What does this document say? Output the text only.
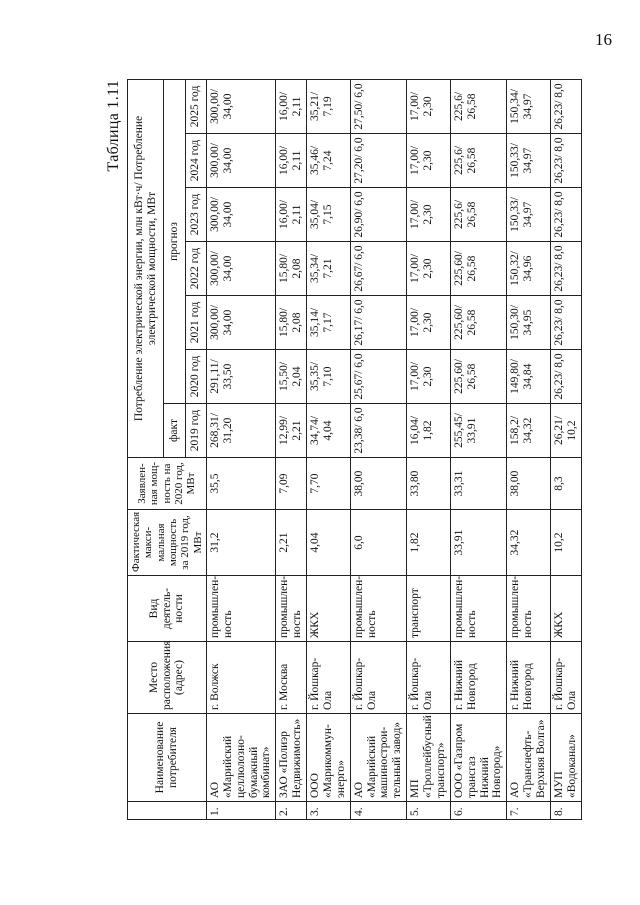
16
Таблица 1.11
	Наименование потребителя	Место расположения (адрес)	Вид деятель-ности	Фактическая макси-мальная мощность за 2019 год, МВт	Заявлен-ная мощ-ность на 2020 год, МВт	Потребление электрической энергии, млн кВт·ч/ Потребление электрической мощности, МВт						
						факт	прогноз					
						2019 год	2020 год	2021 год	2022 год	2023 год	2024 год	2025 год
1.	АО «Марийский целлюлозно-бумажный комбинат»	г. Волжск	промышлен-ность	31,2	35,5	268,31/ 31,20	291,11/ 33,50	300,00/ 34,00	300,00/ 34,00	300,00/ 34,00	300,00/ 34,00	300,00/ 34,00
2.	ЗАО «Полиэр Недвижимость»	г. Москва	промышлен-ность	2,21	7,09	12,99/ 2,21	15,50/ 2,04	15,80/ 2,08	15,80/ 2,08	16,00/ 2,11	16,00/ 2,11	16,00/ 2,11
3.	ООО «Марикоммун-энерго»	г. Йошкар-Ола	ЖКХ	4,04	7,70	34,74/ 4,04	35,35/ 7,10	35,14/ 7,17	35,34/ 7,21	35,04/ 7,15	35,46/ 7,24	35,21/ 7,19
4.	АО «Марийский машинострои-тельный завод»	г. Йошкар-Ола	промышлен-ность	6,0	38,00	23,38/ 6,0	25,67/ 6,0	26,17/ 6,0	26,67/ 6,0	26,90/ 6,0	27,20/ 6,0	27,50/ 6,0
5.	МП «Троллейбусный транспорт»	г. Йошкар-Ола	транспорт	1,82	33,80	16,04/ 1,82	17,00/ 2,30	17,00/ 2,30	17,00/ 2,30	17,00/ 2,30	17,00/ 2,30	17,00/ 2,30
6.	ООО «Газпром трансгаз Нижний Новгород»	г. Нижний Новгород	промышлен-ность	33,91	33,31	255,45/ 33,91	225,60/ 26,58	225,60/ 26,58	225,60/ 26,58	225,6/ 26,58	225,6/ 26,58	225,6/ 26,58
7.	АО «Транснефть-Верхняя Волга»	г. Нижний Новгород	промышлен-ность	34,32	38,00	158,2/ 34,32	149,80/ 34,84	150,30/ 34,95	150,32/ 34,96	150,33/ 34,97	150,33/ 34,97	150,34/ 34,97
8.	МУП «Водоканал»	г. Йошкар-Ола	ЖКХ	10,2	8,3	26,21/ 10,2	26,23/ 8,0	26,23/ 8,0	26,23/ 8,0	26,23/ 8,0	26,23/ 8,0	26,23/ 8,0
